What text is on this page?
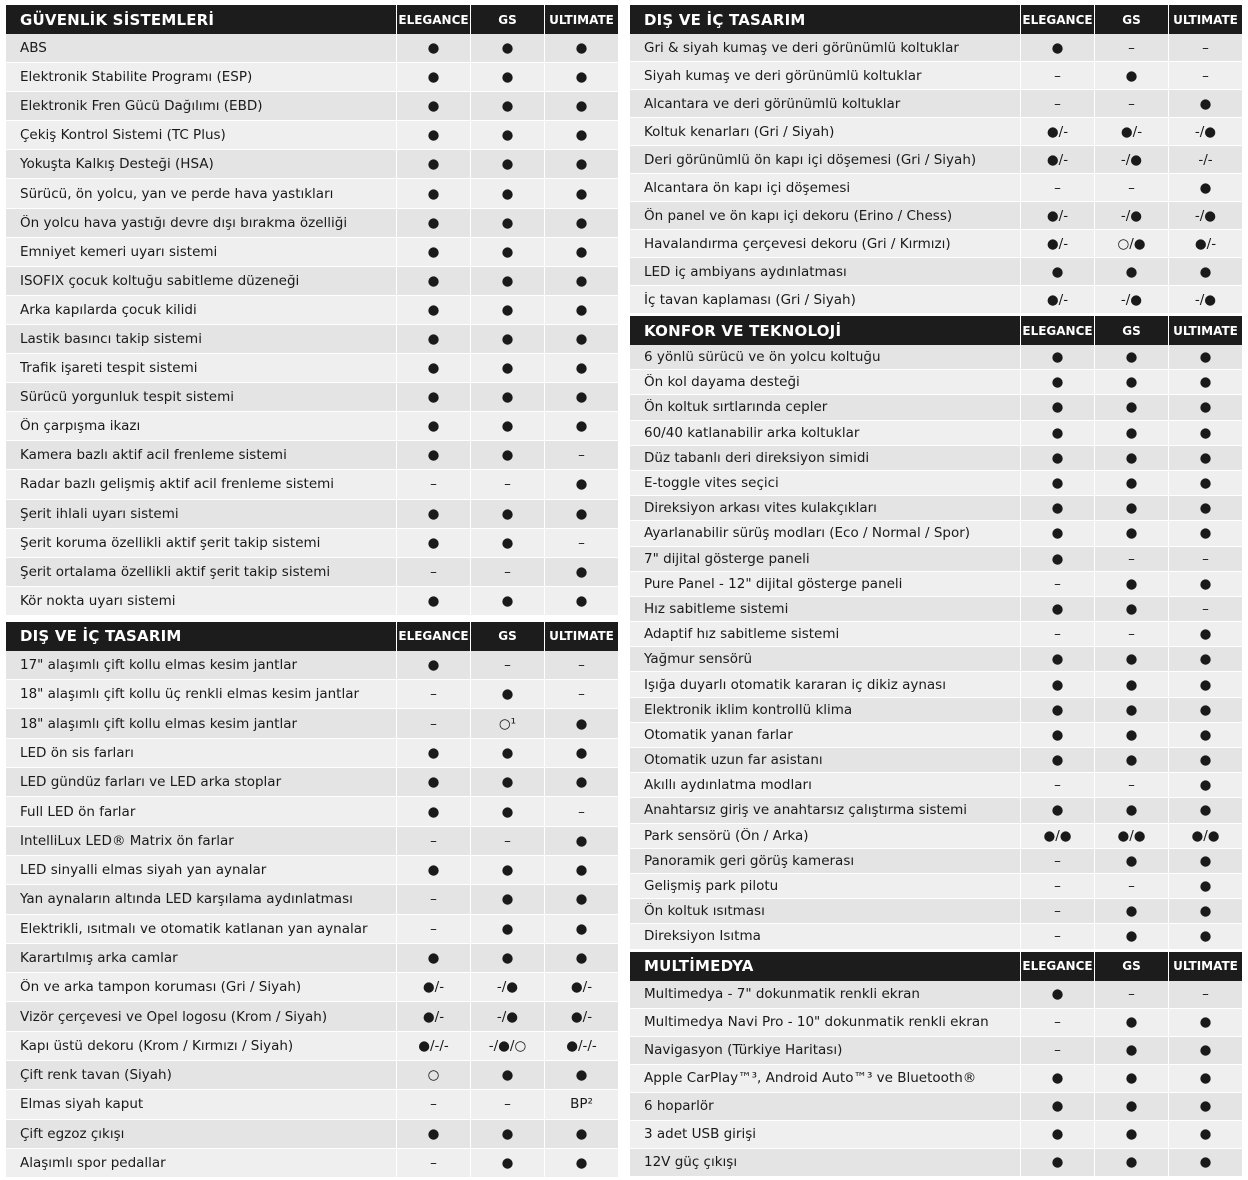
GÜVENLİK SİSTEMLERİ	ELEGANCE	GS	ULTIMATE
ABS	●	●	●
Elektronik Stabilite Programı (ESP)	●	●	●
Elektronik Fren Gücü Dağılımı (EBD)	●	●	●
Çekiş Kontrol Sistemi (TC Plus)	●	●	●
Yokuşta Kalkış Desteği (HSA)	●	●	●
Sürücü, ön yolcu, yan ve perde hava yastıkları	●	●	●
Ön yolcu hava yastığı devre dışı bırakma özelliği	●	●	●
Emniyet kemeri uyarı sistemi	●	●	●
ISOFIX çocuk koltuğu sabitleme düzeneği	●	●	●
Arka kapılarda çocuk kilidi	●	●	●
Lastik basıncı takip sistemi	●	●	●
Trafik işareti tespit sistemi	●	●	●
Sürücü yorgunluk tespit sistemi	●	●	●
Ön çarpışma ikazı	●	●	●
Kamera bazlı aktif acil frenleme sistemi	●	●	–
Radar bazlı gelişmiş aktif acil frenleme sistemi	–	–	●
Şerit ihlali uyarı sistemi	●	●	●
Şerit koruma özellikli aktif şerit takip sistemi	●	●	–
Şerit ortalama özellikli aktif şerit takip sistemi	–	–	●
Kör nokta uyarı sistemi	●	●	●
DIŞ VE İÇ TASARIM	ELEGANCE	GS	ULTIMATE
17" alaşımlı çift kollu elmas kesim jantlar	●	–	–
18" alaşımlı çift kollu üç renkli elmas kesim jantlar	–	●	–
18" alaşımlı çift kollu elmas kesim jantlar	–	○¹	●
LED ön sis farları	●	●	●
LED gündüz farları ve LED arka stoplar	●	●	●
Full LED ön farlar	●	●	–
IntelliLux LED® Matrix ön farlar	–	–	●
LED sinyalli elmas siyah yan aynalar	●	●	●
Yan aynaların altında LED karşılama aydınlatması	–	●	●
Elektrikli, ısıtmalı ve otomatik katlanan yan aynalar	–	●	●
Karartılmış arka camlar	●	●	●
Ön ve arka tampon koruması (Gri / Siyah)	●/-	-/●	●/-
Vizör çerçevesi ve Opel logosu (Krom / Siyah)	●/-	-/●	●/-
Kapı üstü dekoru (Krom / Kırmızı / Siyah)	●/-/-	-/●/○	●/-/-
Çift renk tavan (Siyah)	○	●	●
Elmas siyah kaput	–	–	BP²
Çift egzoz çıkışı	●	●	●
Alaşımlı spor pedallar	–	●	●
DIŞ VE İÇ TASARIM	ELEGANCE	GS	ULTIMATE
Gri & siyah kumaş ve deri görünümlü koltuklar	●	–	–
Siyah kumaş ve deri görünümlü koltuklar	–	●	–
Alcantara ve deri görünümlü koltuklar	–	–	●
Koltuk kenarları (Gri / Siyah)	●/-	●/-	-/●
Deri görünümlü ön kapı içi döşemesi (Gri / Siyah)	●/-	-/●	-/-
Alcantara ön kapı içi döşemesi	–	–	●
Ön panel ve ön kapı içi dekoru (Erino / Chess)	●/-	-/●	-/●
Havalandırma çerçevesi dekoru (Gri / Kırmızı)	●/-	○/●	●/-
LED iç ambiyans aydınlatması	●	●	●
İç tavan kaplaması (Gri / Siyah)	●/-	-/●	-/●
KONFOR VE TEKNOLOJİ	ELEGANCE	GS	ULTIMATE
6 yönlü sürücü ve ön yolcu koltuğu	●	●	●
Ön kol dayama desteği	●	●	●
Ön koltuk sırtlarında cepler	●	●	●
60/40 katlanabilir arka koltuklar	●	●	●
Düz tabanlı deri direksiyon simidi	●	●	●
E-toggle vites seçici	●	●	●
Direksiyon arkası vites kulakçıkları	●	●	●
Ayarlanabilir sürüş modları (Eco / Normal / Spor)	●	●	●
7" dijital gösterge paneli	●	–	–
Pure Panel - 12" dijital gösterge paneli	–	●	●
Hız sabitleme sistemi	●	●	–
Adaptif hız sabitleme sistemi	–	–	●
Yağmur sensörü	●	●	●
Işığa duyarlı otomatik kararan iç dikiz aynası	●	●	●
Elektronik iklim kontrollü klima	●	●	●
Otomatik yanan farlar	●	●	●
Otomatik uzun far asistanı	●	●	●
Akıllı aydınlatma modları	–	–	●
Anahtarsız giriş ve anahtarsız çalıştırma sistemi	●	●	●
Park sensörü (Ön / Arka)	●/●	●/●	●/●
Panoramik geri görüş kamerası	–	●	●
Gelişmiş park pilotu	–	–	●
Ön koltuk ısıtması	–	●	●
Direksiyon Isıtma	–	●	●
MULTİMEDYA	ELEGANCE	GS	ULTIMATE
Multimedya - 7" dokunmatik renkli ekran	●	–	–
Multimedya Navi Pro - 10" dokunmatik renkli ekran	–	●	●
Navigasyon (Türkiye Haritası)	–	●	●
Apple CarPlay™³, Android Auto™³ ve Bluetooth®	●	●	●
6 hoparlör	●	●	●
3 adet USB girişi	●	●	●
12V güç çıkışı	●	●	●
